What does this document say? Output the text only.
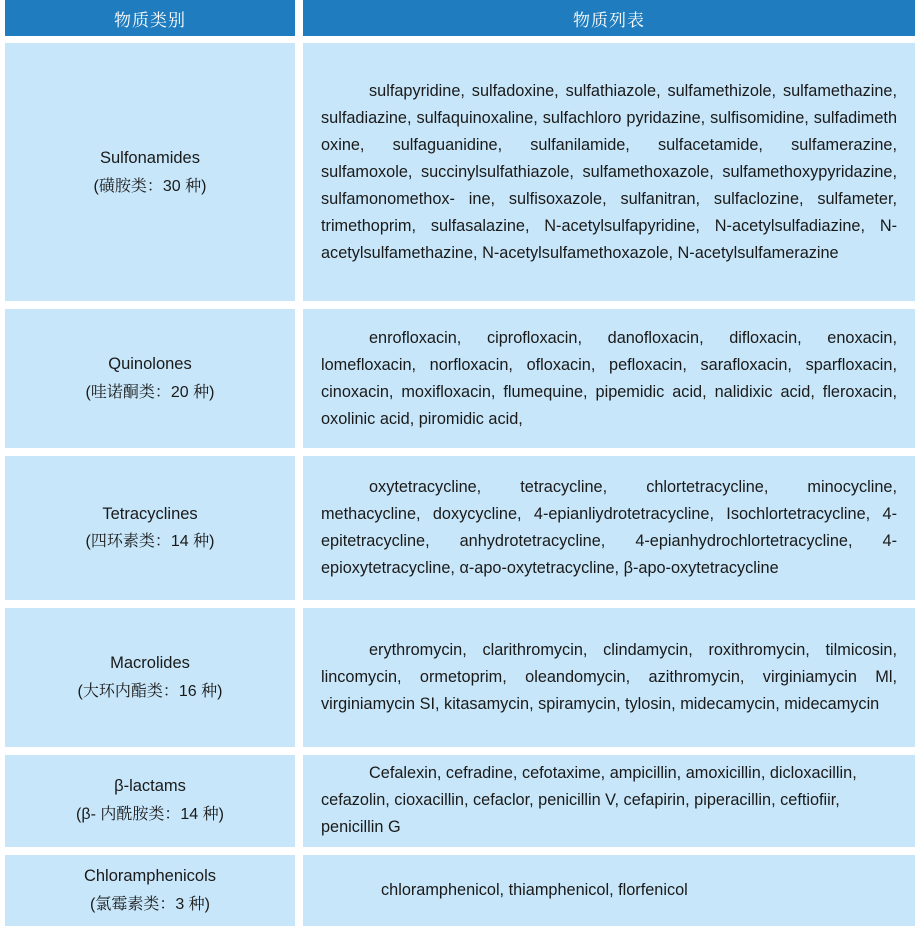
物质类别	物质列表
Sulfonamides
(磺胺类：30 种)
sulfapyridine, sulfadoxine, sulfathiazole, sulfamethizole, sulfamethazine, sulfadiazine, sulfaquinoxaline, sulfachloro pyridazine, sulfisomidine, sulfadimeth oxine, sulfaguanidine, sulfanilamide, sulfacetamide, sulfamerazine, sulfamoxole, succinylsulfathiazole, sulfamethoxazole, sulfamethoxypyridazine, sulfamonomethox- ine, sulfisoxazole, sulfanitran, sulfaclozine, sulfameter, trimethoprim, sulfasalazine, N-acetylsulfapyridine, N-acetylsulfadiazine, N-acetylsulfamethazine, N-acetylsulfamethoxazole, N-acetylsulfamerazine
Quinolones
(哇诺酮类：20 种)
enrofloxacin, ciprofloxacin, danofloxacin, difloxacin, enoxacin, lomefloxacin, norfloxacin, ofloxacin, pefloxacin, sarafloxacin, sparfloxacin, cinoxacin, moxifloxacin, flumequine, pipemidic acid, nalidixic acid, fleroxacin, oxolinic acid, piromidic acid,
Tetracyclines
(四环素类：14 种)
oxytetracycline, tetracycline, chlortetracycline, minocycline, methacycline, doxycycline, 4-epianliydrotetracycline, Isochlortetracycline, 4-epitetracycline, anhydrotetracycline, 4-epianhydrochlortetracycline, 4-epioxytetracycline, α-apo-oxytetracycline, β-apo-oxytetracycline
Macrolides
(大环内酯类：16 种)
erythromycin, clarithromycin, clindamycin, roxithromycin, tilmicosin, lincomycin, ormetoprim, oleandomycin, azithromycin, virginiamycin Ml, virginiamycin SI, kitasamycin, spiramycin, tylosin, midecamycin, midecamycin
β-lactams
(β- 内酰胺类：14 种)
Cefalexin, cefradine, cefotaxime, ampicillin, amoxicillin, dicloxacillin, cefazolin, cioxacillin, cefaclor, penicillin V, cefapirin, piperacillin, ceftiofiir, penicillin G
Chloramphenicols
(氯霉素类：3 种)
chloramphenicol, thiamphenicol, florfenicol
